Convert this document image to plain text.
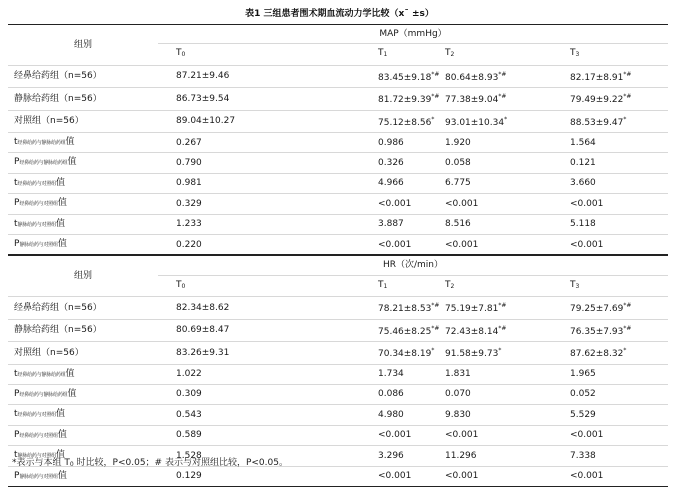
表1 三组患者围术期血流动力学比较（x¯ ±s）
组别	MAP（mmHg）			
	T0	T1	T2	T3
经鼻给药组（n=56）	87.21±9.46	83.45±9.18*#	80.64±8.93*#	82.17±8.91*#
静脉给药组（n=56）	86.73±9.54	81.72±9.39*#	77.38±9.04*#	79.49±9.22*#
对照组（n=56）	89.04±10.27	75.12±8.56*	93.01±10.34*	88.53±9.47*
t经鼻给药与静脉给药组值	0.267	0.986	1.920	1.564
P经鼻给药与静脉给药组值	0.790	0.326	0.058	0.121
t经鼻给药与对照组值	0.981	4.966	6.775	3.660
P经鼻给药与对照组值	0.329	<0.001	<0.001	<0.001
t静脉给药与对照组值	1.233	3.887	8.516	5.118
P静脉给药与对照组值	0.220	<0.001	<0.001	<0.001
组别	HR（次/min）			
	T0	T1	T2	T3
经鼻给药组（n=56）	82.34±8.62	78.21±8.53*#	75.19±7.81*#	79.25±7.69*#
静脉给药组（n=56）	80.69±8.47	75.46±8.25*#	72.43±8.14*#	76.35±7.93*#
对照组（n=56）	83.26±9.31	70.34±8.19*	91.58±9.73*	87.62±8.32*
t经鼻给药与静脉给药组值	1.022	1.734	1.831	1.965
P经鼻给药与静脉给药组值	0.309	0.086	0.070	0.052
t经鼻给药与对照组值	0.543	4.980	9.830	5.529
P经鼻给药与对照组值	0.589	<0.001	<0.001	<0.001
t静脉给药与对照组值	1.528	3.296	11.296	7.338
P静脉给药与对照组值	0.129	<0.001	<0.001	<0.001
*表示与本组 T0 时比较，P<0.05；# 表示与对照组比较，P<0.05。
